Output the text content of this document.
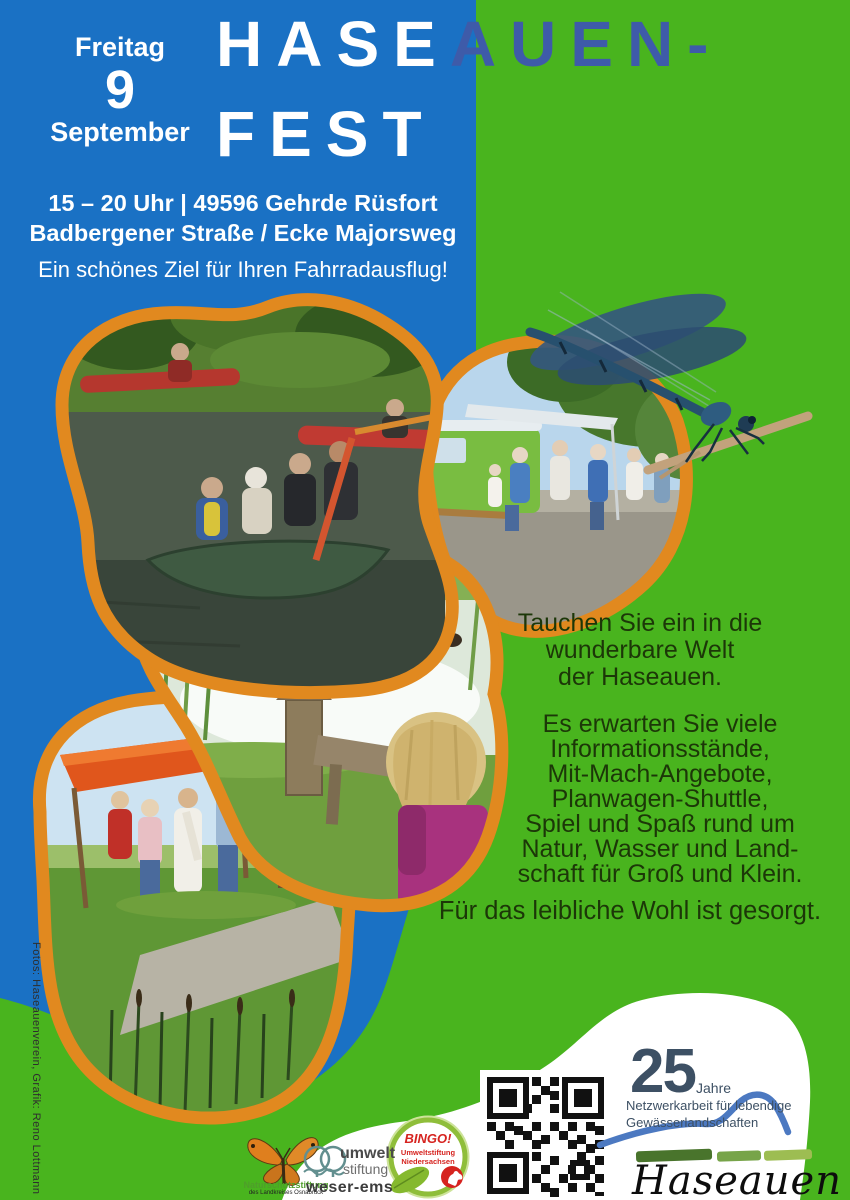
Freitag
9
September
HASE AUEN-
FEST
15 – 20 Uhr | 49596 Gehrde Rüsfort
Badbergener Straße / Ecke Majorsweg
Ein schönes Ziel für Ihren Fahrradausflug!
Tauchen Sie ein in die
wunderbare Welt
der Haseauen.
Es erwarten Sie viele
Informationsstände,
Mit-Mach-Angebote,
Planwagen-Shuttle,
Spiel und Spaß rund um
Natur, Wasser und Land-
schaft für Groß und Klein.
Für das leibliche Wohl ist gesorgt.
Fotos: Haseauenverein, Grafik: Reno Lottmann	Naturschutzstiftung
des Landkreises Osnabrück
umwelt
stiftung
weser-ems
BINGO!
Umweltstiftung
Niedersachsen
25 Jahre
Netzwerkarbeit für lebendige
Gewässerlandschaften
Haseauen
